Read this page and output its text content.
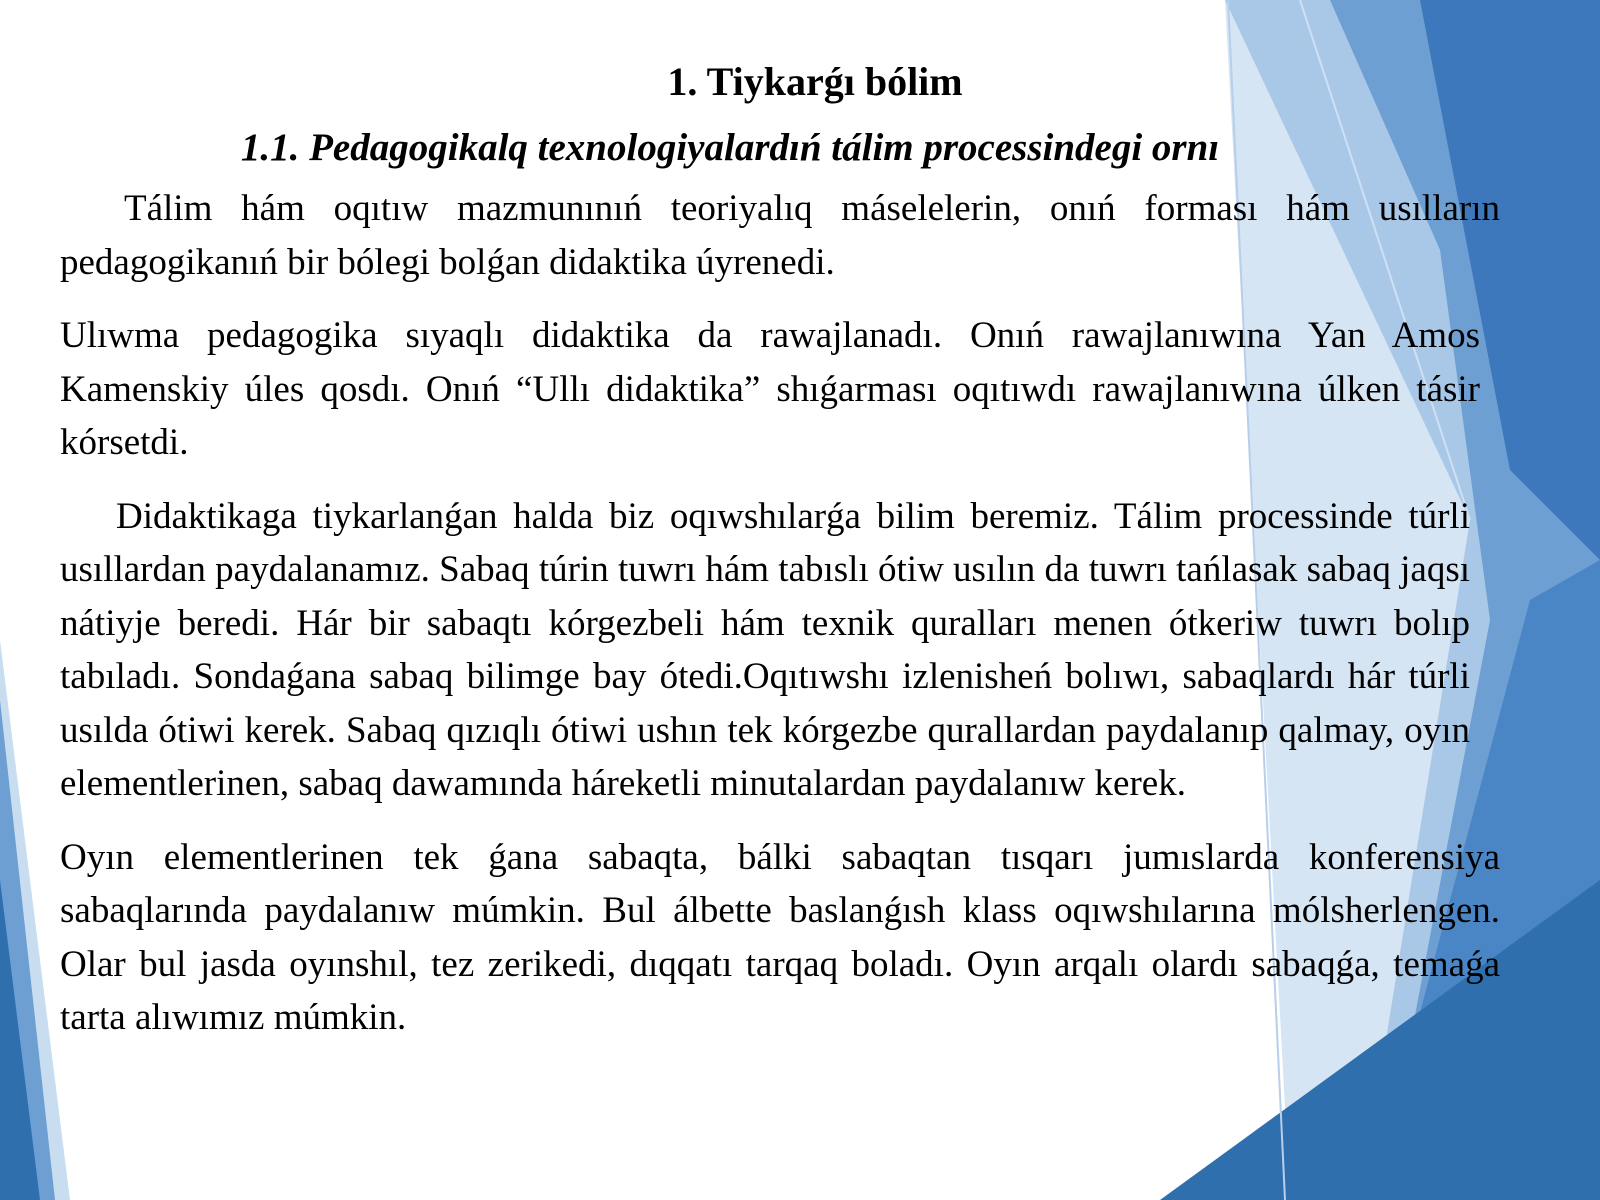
1. Tiykarǵı bólim
1.1. Pedagogikalq texnologiyalardıń tálim processindegi ornı

Tálim hám oqıtıw mazmunınıń teoriyalıq máselelerin, onıń forması hám usılların pedagogikanıń bir bólegi bolǵan didaktika úyrenedi.

Ulıwma pedagogika sıyaqlı didaktika da rawajlanadı. Onıń rawajlanıwına Yan Amos Kamenskiy úles qosdı. Onıń “Ullı didaktika” shıǵarması oqıtıwdı rawajlanıwına úlken tásir kórsetdi.

Didaktikaga tiykarlanǵan halda biz oqıwshılarǵa bilim beremiz. Tálim processinde túrli usıllardan paydalanamız. Sabaq túrin tuwrı hám tabıslı ótiw usılın da tuwrı tańlasak sabaq jaqsı nátiyje beredi. Hár bir sabaqtı kórgezbeli hám texnik quralları menen ótkeriw tuwrı bolıp tabıladı. Sondaǵana sabaq bilimge bay ótedi.Oqıtıwshı izlenisheń bolıwı, sabaqlardı hár túrli usılda ótiwi kerek. Sabaq qızıqlı ótiwi ushın tek kórgezbe qurallardan paydalanıp qalmay, oyın elementlerinen, sabaq dawamında háreketli minutalardan paydalanıw kerek.

Oyın elementlerinen tek ǵana sabaqta, bálki sabaqtan tısqarı jumıslarda konferensiya sabaqlarında paydalanıw múmkin. Bul álbette baslanǵısh klass oqıwshılarına mólsherlengen. Olar bul jasda oyınshıl, tez zerikedi, dıqqatı tarqaq boladı. Oyın arqalı olardı sabaqǵa, temaǵa tarta alıwımız múmkin.
